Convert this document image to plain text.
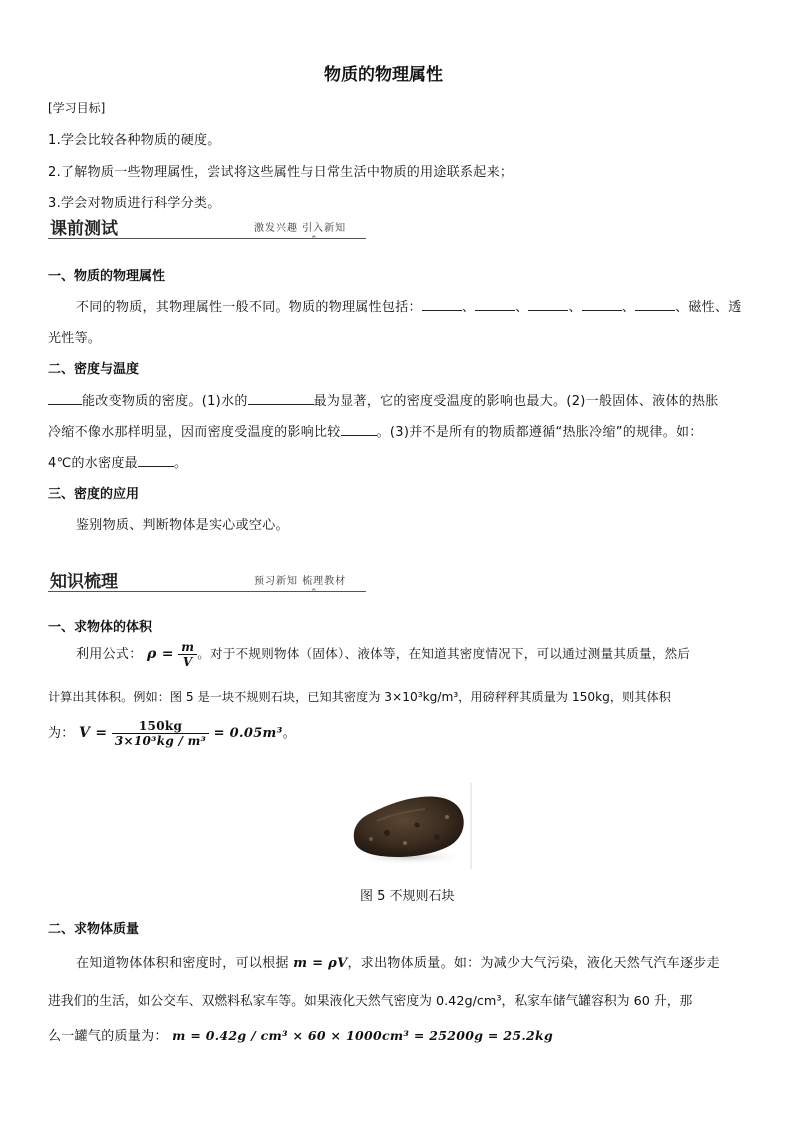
物质的物理属性
[学习目标]
1.学会比较各种物质的硬度。
2.了解物质一些物理属性，尝试将这些属性与日常生活中物质的用途联系起来；
3.学会对物质进行科学分类。
课前测试	激发兴趣 引入新知
⌃
一、物质的物理属性
不同的物质，其物理属性一般不同。物质的物理属性包括：	、	、	、	、	、磁性、透
光性等。
二、密度与温度
能改变物质的密度。(1)水的	最为显著，它的密度受温度的影响也最大。(2)一般固体、液体的热胀
冷缩不像水那样明显，因而密度受温度的影响比较	。(3)并不是所有的物质都遵循“热胀冷缩”的规律。如：
4℃的水密度最	。
三、密度的应用
鉴别物质、判断物体是实心或空心。
知识梳理	预习新知 梳理教材
⌃
一、求物体的体积
利用公式： $\rho = \frac{m}{V}$ 。对于不规则物体（固体）、液体等，在知道其密度情况下，可以通过测量其质量，然后
计算出其体积。例如：图 5 是一块不规则石块，已知其密度为 3×10³kg/m³，用磅秤秤其质量为 150kg，则其体积
为： $V = \frac{150kg}{\text{3×10³kg / m³}} = 0.05m^3$。
图 5 不规则石块
二、求物体质量
在知道物体体积和密度时，可以根据 m = ρV，求出物体质量。如：为减少大气污染，液化天然气汽车逐步走
进我们的生活，如公交车、双燃料私家车等。如果液化天然气密度为 0.42g/cm³，私家车储气罐容积为 60 升，那
么一罐气的质量为： m = 0.42g / cm³ × 60 × 1000cm³ = 25200g = 25.2kg
